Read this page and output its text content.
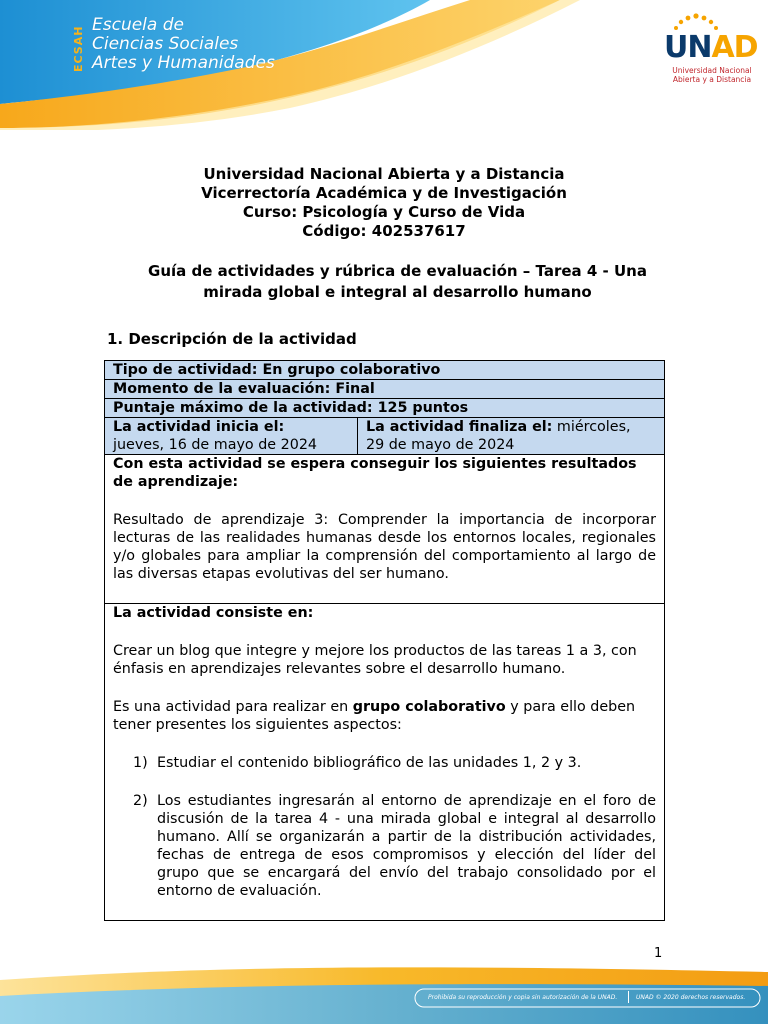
ECSAH
Escuela de
Ciencias Sociales
Artes y Humanidades	UNAD
Universidad Nacional
Abierta y a Distancia
Universidad Nacional Abierta y a Distancia
Vicerrectoría Académica y de Investigación
Curso: Psicología y Curso de Vida
Código: 402537617
Guía de actividades y rúbrica de evaluación – Tarea 4 - Una
mirada global e integral al desarrollo humano
1. Descripción de la actividad
Tipo de actividad: En grupo colaborativo
Momento de la evaluación: Final
Puntaje máximo de la actividad: 125 puntos

La actividad inicia el:
jueves, 16 de mayo de 2024

La actividad finaliza el: miércoles,
29 de mayo de 2024

Con esta actividad se espera conseguir los siguientes resultados de aprendizaje:

Resultado de aprendizaje 3: Comprender la importancia de incorporar lecturas de las realidades humanas desde los entornos locales, regionales y/o globales para ampliar la comprensión del comportamiento al largo de las diversas etapas evolutivas del ser humano.

La actividad consiste en:

Crear un blog que integre y mejore los productos de las tareas 1 a 3, con énfasis en aprendizajes relevantes sobre el desarrollo humano.

Es una actividad para realizar en grupo colaborativo y para ello deben tener presentes los siguientes aspectos:

1) Estudiar el contenido bibliográfico de las unidades 1, 2 y 3.
2) Los estudiantes ingresarán al entorno de aprendizaje en el foro de discusión de la tarea 4 - una mirada global e integral al desarrollo humano. Allí se organizarán a partir de la distribución actividades, fechas de entrega de esos compromisos y elección del líder del grupo que se encargará del envío del trabajo consolidado por el entorno de evaluación.
1
Prohibida su reproducción y copia sin autorización de la UNAD.	UNAD © 2020 derechos reservados.
